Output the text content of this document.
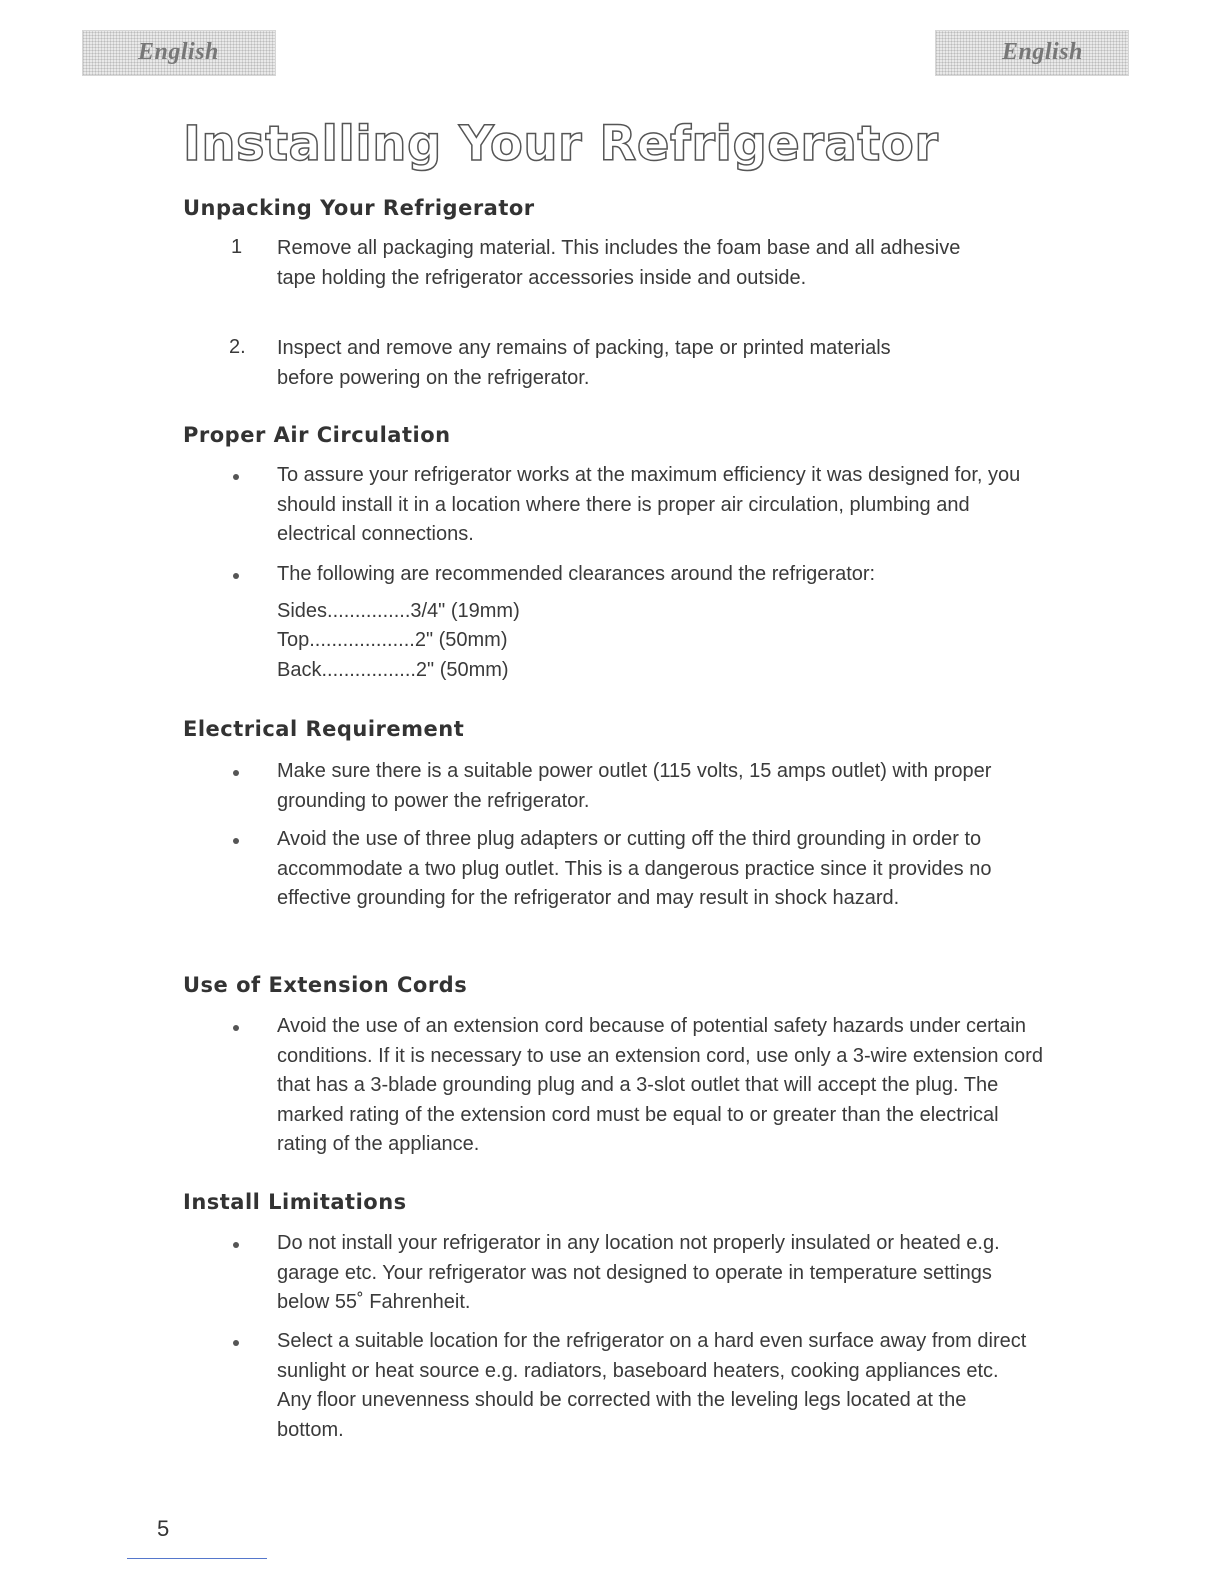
English	English
Installing Your Refrigerator
Unpacking Your Refrigerator

1 Remove all packaging material. This includes the foam base and all adhesive tape holding the refrigerator accessories inside and outside.

2. Inspect and remove any remains of packing, tape or printed materials before powering on the refrigerator.

Proper Air Circulation

To assure your refrigerator works at the maximum efficiency it was designed for, you should install it in a location where there is proper air circulation, plumbing and electrical connections.

The following are recommended clearances around the refrigerator:

Sides...............3/4" (19mm)

Top...................2" (50mm)

Back.................2" (50mm)

Electrical Requirement

Make sure there is a suitable power outlet (115 volts, 15 amps outlet) with proper grounding to power the refrigerator.

Avoid the use of three plug adapters or cutting off the third grounding in order to accommodate a two plug outlet. This is a dangerous practice since it provides no effective grounding for the refrigerator and may result in shock hazard.

Use of Extension Cords

Avoid the use of an extension cord because of potential safety hazards under certain conditions. If it is necessary to use an extension cord, use only a 3-wire extension cord that has a 3-blade grounding plug and a 3-slot outlet that will accept the plug. The marked rating of the extension cord must be equal to or greater than the electrical rating of the appliance.

Install Limitations

Do not install your refrigerator in any location not properly insulated or heated e.g. garage etc. Your refrigerator was not designed to operate in temperature settings below 55˚ Fahrenheit.

Select a suitable location for the refrigerator on a hard even surface away from direct sunlight or heat source e.g. radiators, baseboard heaters, cooking appliances etc. Any floor unevenness should be corrected with the leveling legs located at the bottom.

5
